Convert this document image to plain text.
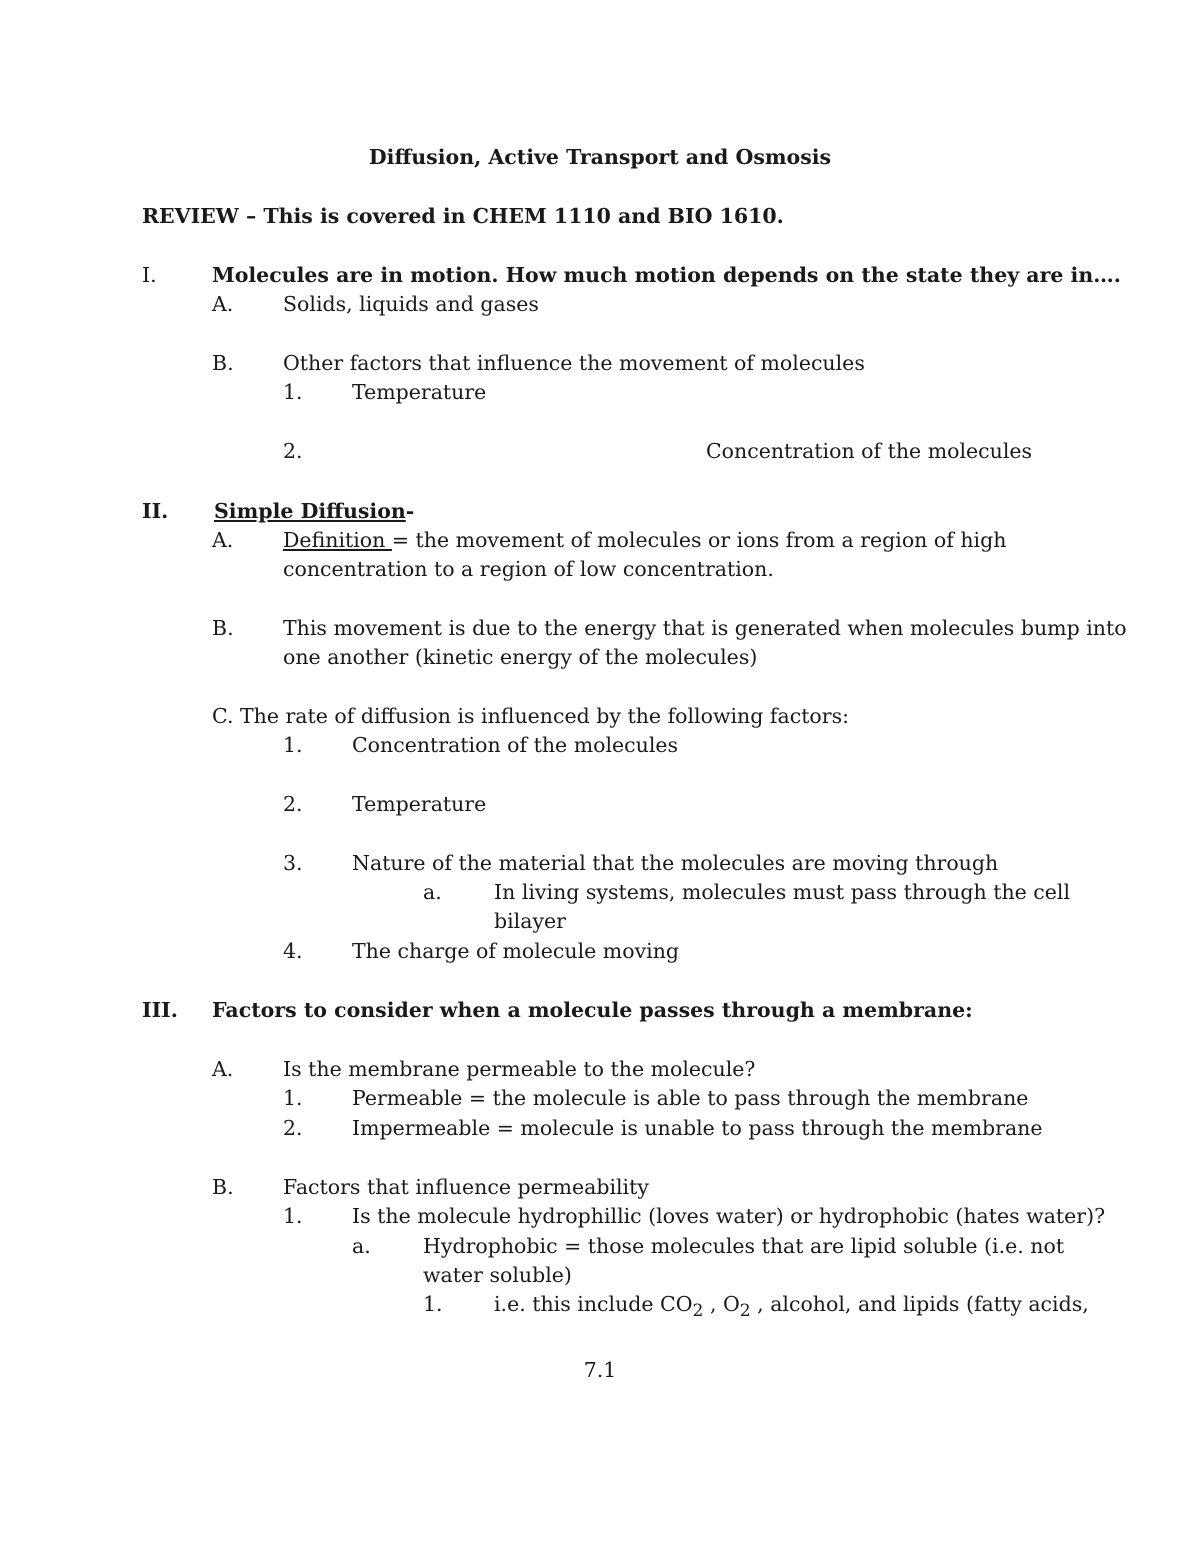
Diffusion, Active Transport and Osmosis
REVIEW – This is covered in CHEM 1110 and BIO 1610.
I.	Molecules are in motion. How much motion depends on the state they are in….
A. Solids, liquids and gases
B. Other factors that influence the movement of molecules
1. Temperature
2.	Concentration of the molecules
II. Simple Diffusion-
A. Definition = the movement of molecules or ions from a region of high
concentration to a region of low concentration.
B. This movement is due to the energy that is generated when molecules bump into
one another (kinetic energy of the molecules)
C. The rate of diffusion is influenced by the following factors:
1. Concentration of the molecules
2. Temperature
3. Nature of the material that the molecules are moving through
a.	In living systems, molecules must pass through the cell
bilayer
4. The charge of molecule moving
III. Factors to consider when a molecule passes through a membrane:
A. Is the membrane permeable to the molecule?
1. Permeable = the molecule is able to pass through the membrane
2. Impermeable = molecule is unable to pass through the membrane
B. Factors that influence permeability
1. Is the molecule hydrophillic (loves water) or hydrophobic (hates water)?
a.	Hydrophobic = those molecules that are lipid soluble (i.e. not
water soluble)
1.	i.e. this include $CO_2$ , $O_2$ , alcohol, and lipids (fatty acids,
7.1
